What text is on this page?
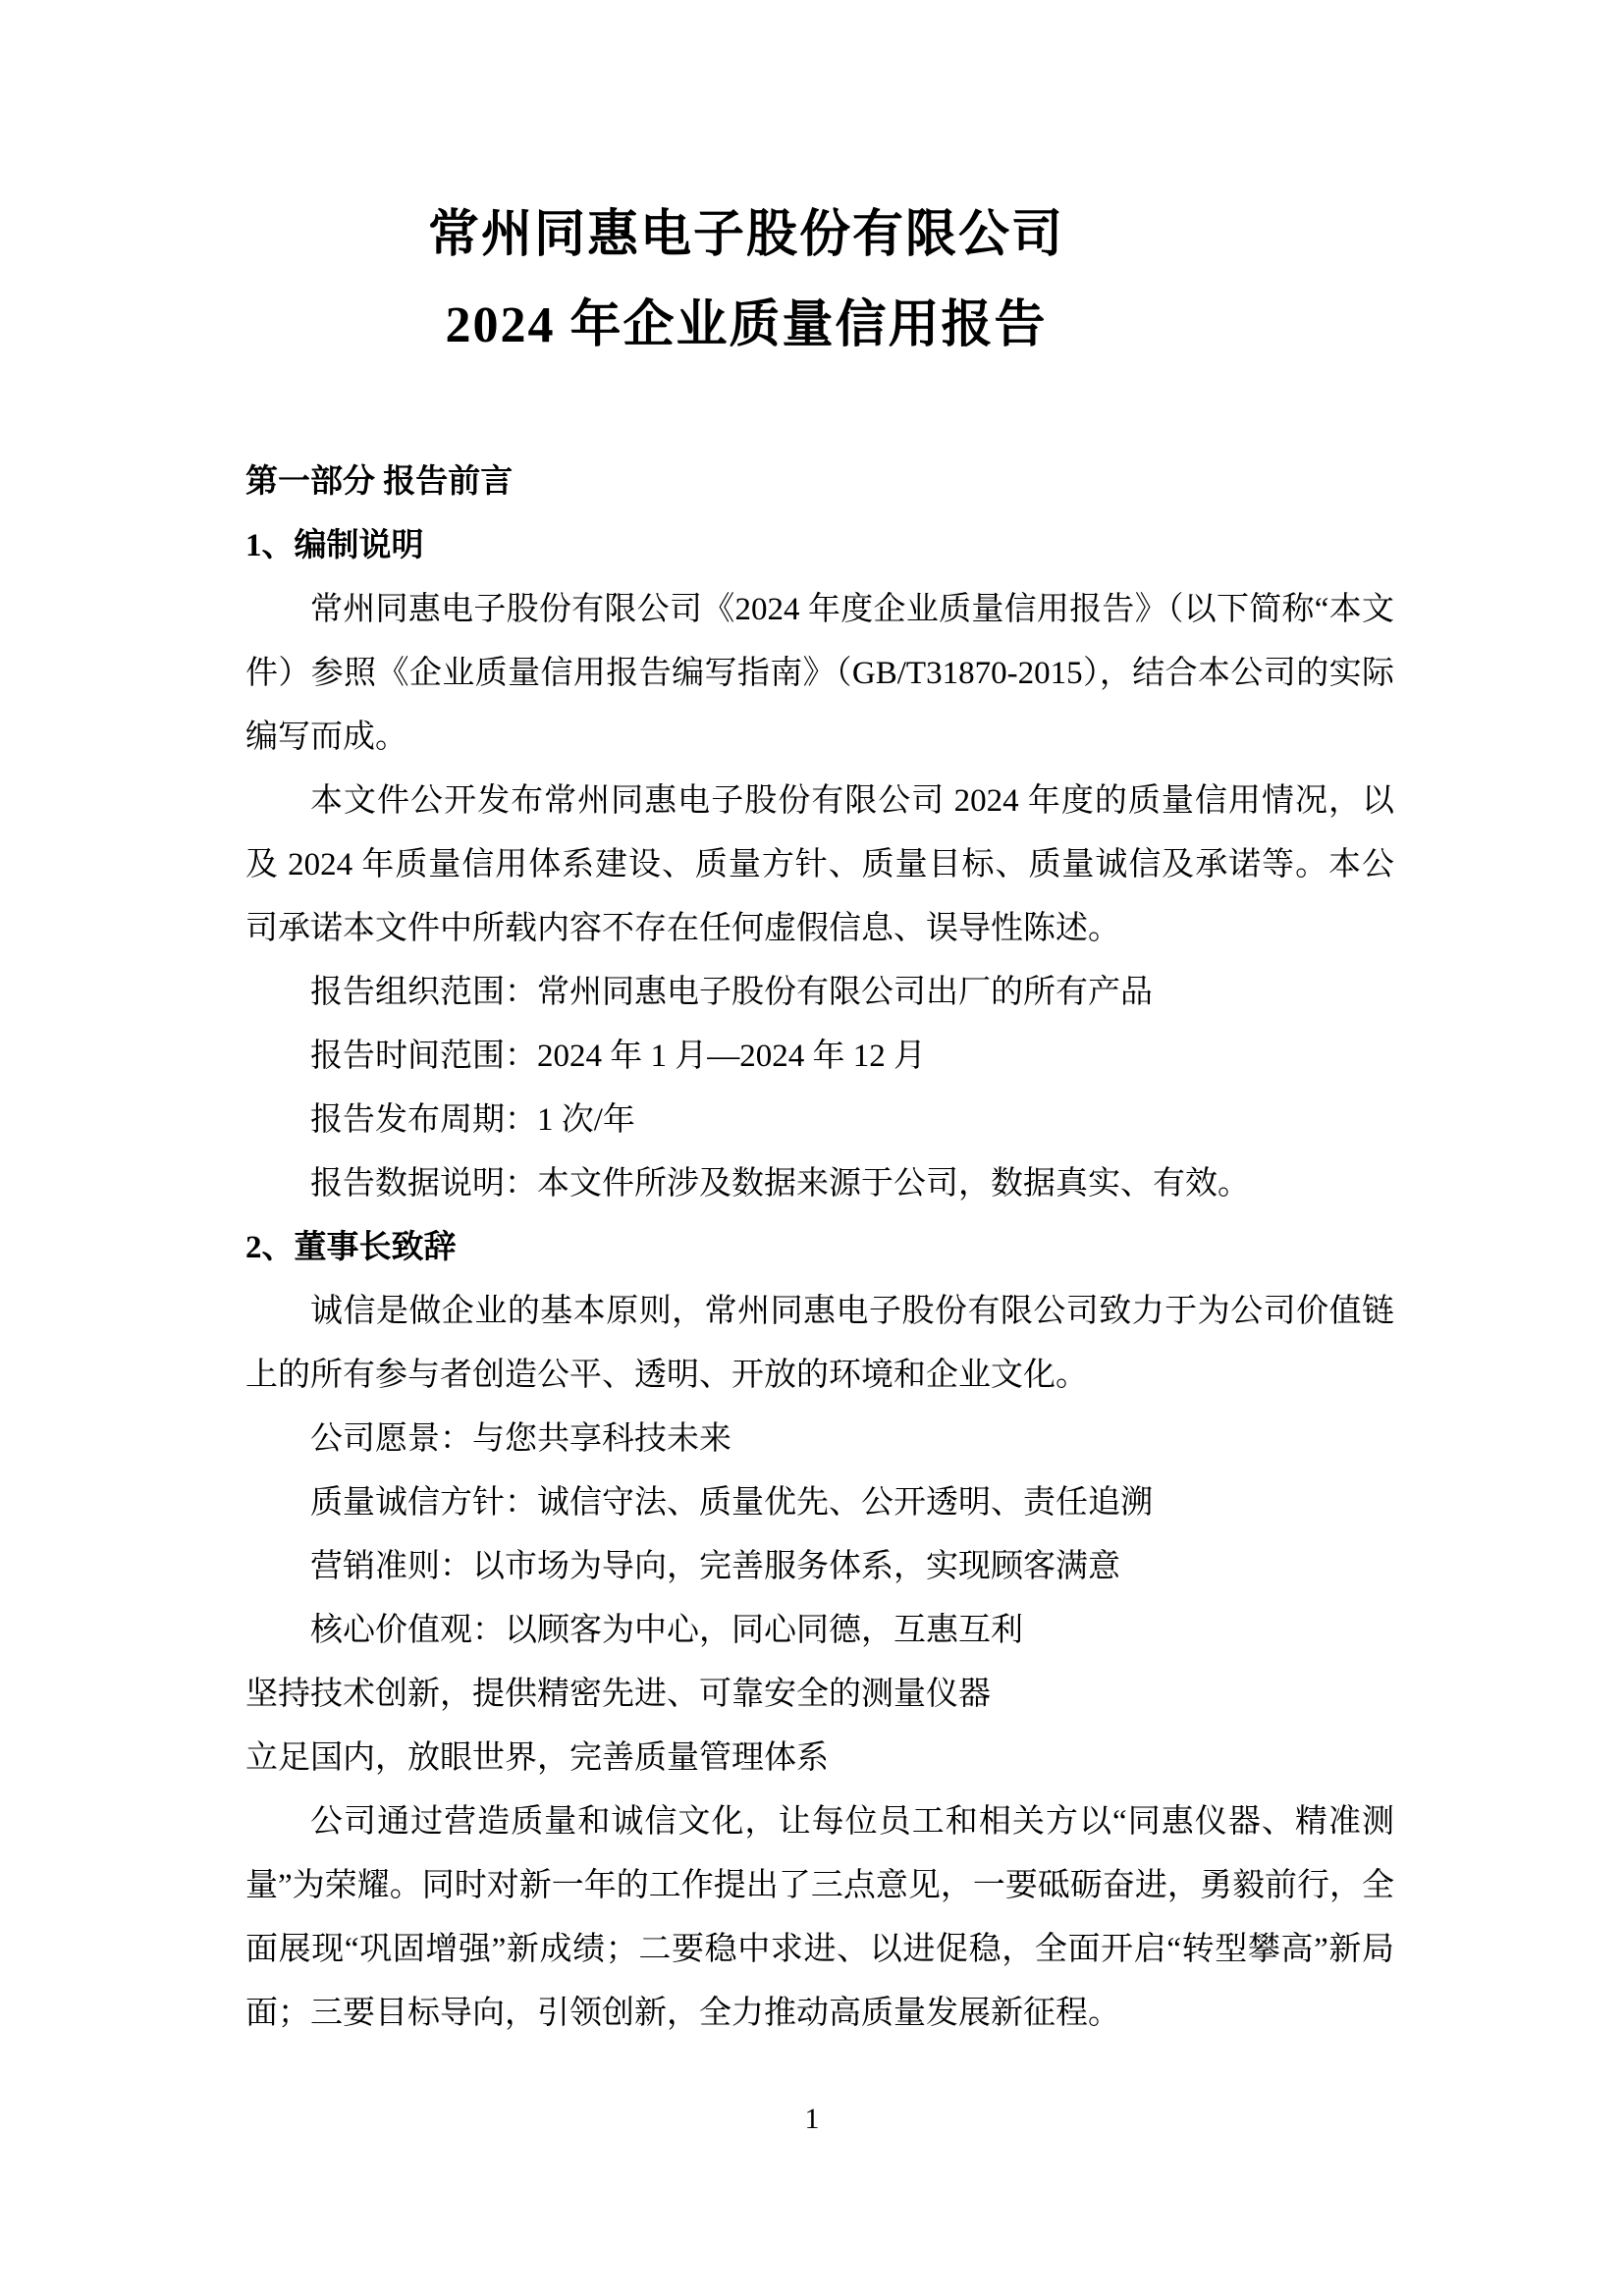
常州同惠电子股份有限公司
2024 年企业质量信用报告

第一部分 报告前言

1、编制说明

常州同惠电子股份有限公司《2024 年度企业质量信用报告》（以下简称“本文件）参照《企业质量信用报告编写指南》（GB/T31870-2015），结合本公司的实际编写而成。

本文件公开发布常州同惠电子股份有限公司 2024 年度的质量信用情况，以及 2024 年质量信用体系建设、质量方针、质量目标、质量诚信及承诺等。本公司承诺本文件中所载内容不存在任何虚假信息、误导性陈述。

报告组织范围：常州同惠电子股份有限公司出厂的所有产品

报告时间范围：2024 年 1 月—2024 年 12 月

报告发布周期：1 次/年

报告数据说明：本文件所涉及数据来源于公司，数据真实、有效。

2、董事长致辞

诚信是做企业的基本原则，常州同惠电子股份有限公司致力于为公司价值链上的所有参与者创造公平、透明、开放的环境和企业文化。

公司愿景：与您共享科技未来

质量诚信方针：诚信守法、质量优先、公开透明、责任追溯

营销准则：以市场为导向，完善服务体系，实现顾客满意

核心价值观：以顾客为中心，同心同德，互惠互利

坚持技术创新，提供精密先进、可靠安全的测量仪器

立足国内，放眼世界，完善质量管理体系

公司通过营造质量和诚信文化，让每位员工和相关方以“同惠仪器、精准测量”为荣耀。同时对新一年的工作提出了三点意见，一要砥砺奋进，勇毅前行，全面展现“巩固增强”新成绩；二要稳中求进、以进促稳，全面开启“转型攀高”新局面；三要目标导向，引领创新，全力推动高质量发展新征程。

1
